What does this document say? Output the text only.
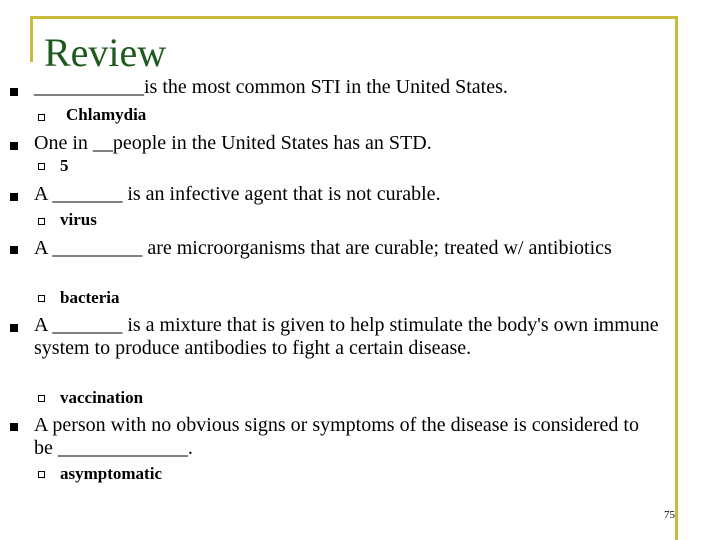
Review
___________is the most common STI in the United States.
Chlamydia
One in __people in the United States has an STD.
5
A _______ is an infective agent that is not curable.
virus
A _________ are microorganisms that are curable; treated w/ antibiotics
bacteria
A _______ is a mixture that is given to help stimulate the body's own immune system to produce antibodies to fight a certain disease.
vaccination
A person with no obvious signs or symptoms of the disease is considered to be _____________.
asymptomatic
75
